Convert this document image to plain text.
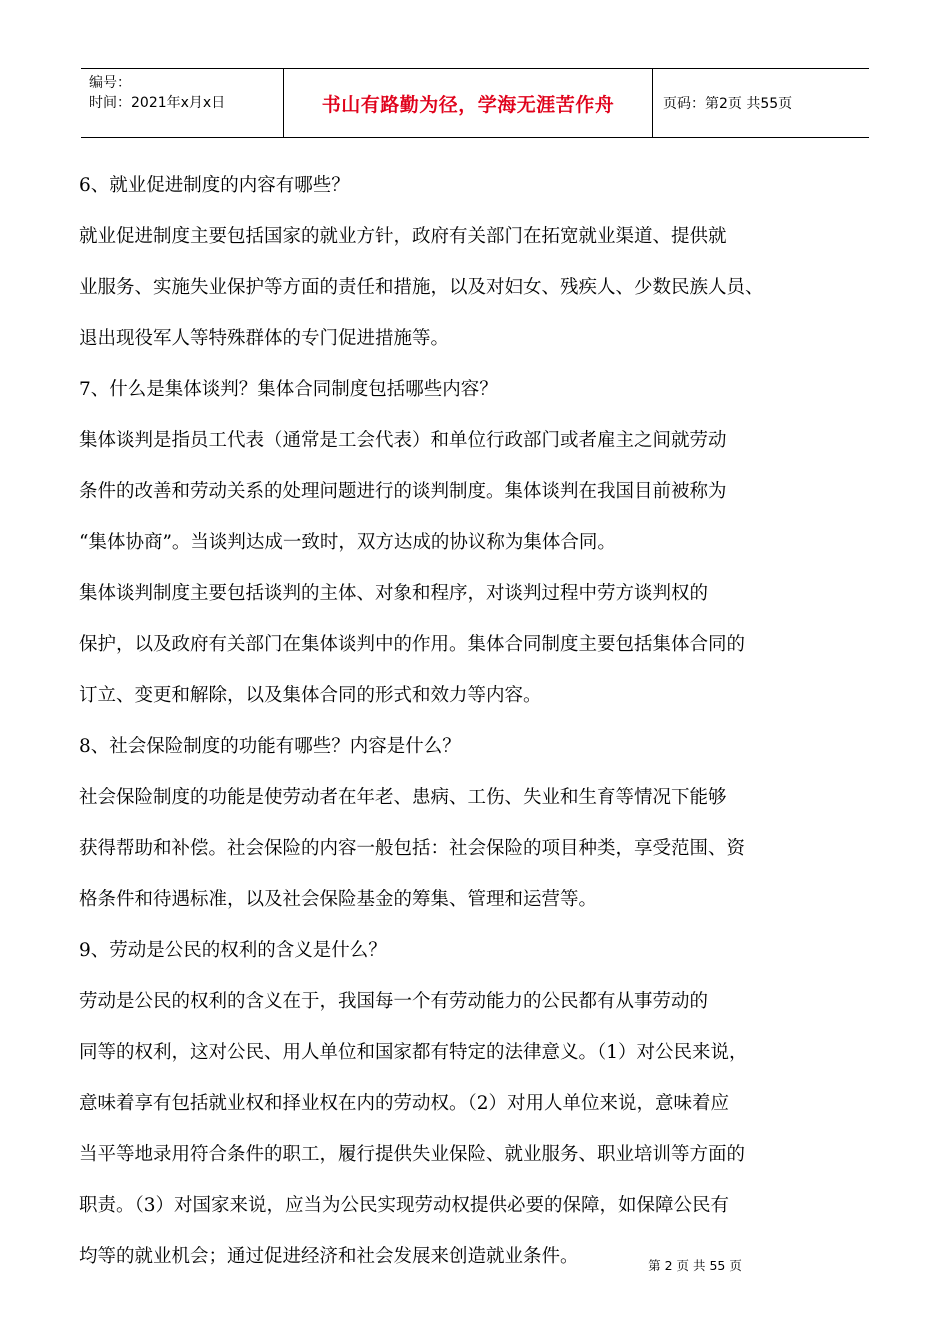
编号：
时间：2021年x月x日	书山有路勤为径，学海无涯苦作舟	页码：第2页 共55页

6、就业促进制度的内容有哪些？

就业促进制度主要包括国家的就业方针，政府有关部门在拓宽就业渠道、提供就

业服务、实施失业保护等方面的责任和措施，以及对妇女、残疾人、少数民族人员、

退出现役军人等特殊群体的专门促进措施等。

7、什么是集体谈判？集体合同制度包括哪些内容？

集体谈判是指员工代表（通常是工会代表）和单位行政部门或者雇主之间就劳动

条件的改善和劳动关系的处理问题进行的谈判制度。集体谈判在我国目前被称为

“集体协商”。当谈判达成一致时，双方达成的协议称为集体合同。

集体谈判制度主要包括谈判的主体、对象和程序，对谈判过程中劳方谈判权的

保护，以及政府有关部门在集体谈判中的作用。集体合同制度主要包括集体合同的

订立、变更和解除，以及集体合同的形式和效力等内容。

8、社会保险制度的功能有哪些？内容是什么？

社会保险制度的功能是使劳动者在年老、患病、工伤、失业和生育等情况下能够

获得帮助和补偿。社会保险的内容一般包括：社会保险的项目种类，享受范围、资

格条件和待遇标准，以及社会保险基金的筹集、管理和运营等。

9、劳动是公民的权利的含义是什么？

劳动是公民的权利的含义在于，我国每一个有劳动能力的公民都有从事劳动的

同等的权利，这对公民、用人单位和国家都有特定的法律意义。（1）对公民来说，

意味着享有包括就业权和择业权在内的劳动权。（2）对用人单位来说，意味着应

当平等地录用符合条件的职工，履行提供失业保险、就业服务、职业培训等方面的

职责。（3）对国家来说，应当为公民实现劳动权提供必要的保障，如保障公民有

均等的就业机会；通过促进经济和社会发展来创造就业条件。	第 2 页 共 55 页
